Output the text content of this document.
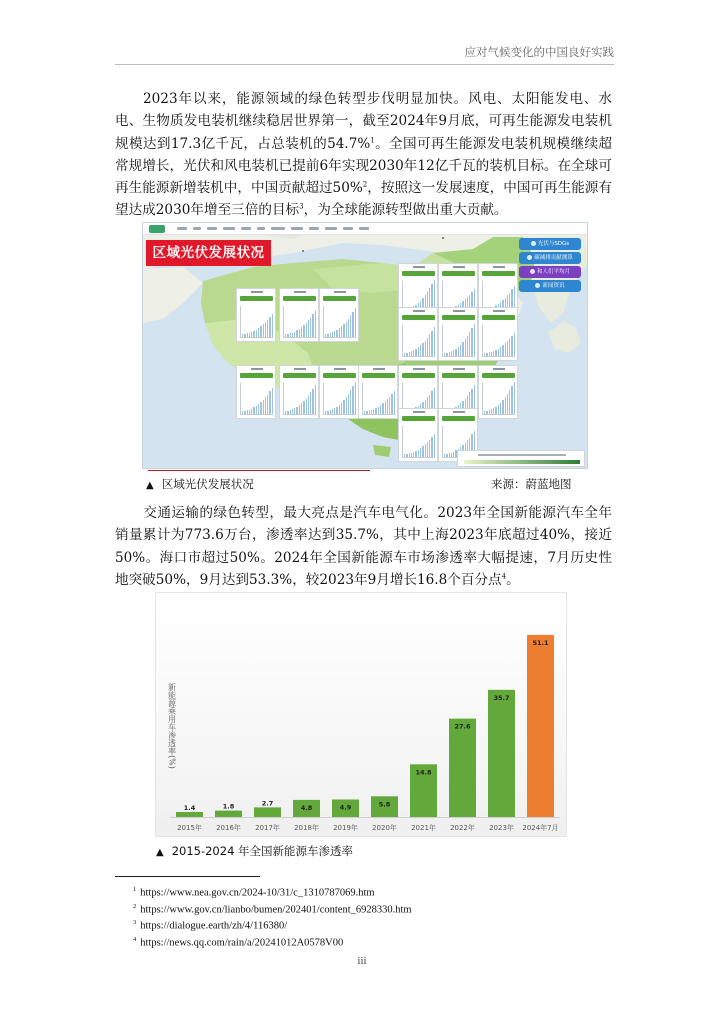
应对气候变化的中国良好实践
2023年以来，能源领域的绿色转型步伐明显加快。风电、太阳能发电、水电、生物质发电装机继续稳居世界第一，截至2024年9月底，可再生能源发电装机规模达到17.3亿千瓦，占总装机的54.7%$^1$。全国可再生能源发电装机规模继续超常规增长，光伏和风电装机已提前6年实现2030年12亿千瓦的装机目标。在全球可再生能源新增装机中，中国贡献超过50%$^2$，按照这一发展速度，中国可再生能源有望达成2030年增至三倍的目标$^3$，为全球能源转型做出重大贡献。
区域光伏发展状况
光伏与SDGs
碳减排贡献测算
和人们平均月
新闻资讯
▲ 区域光伏发展状况	来源：蔚蓝地图
交通运输的绿色转型，最大亮点是汽车电气化。2023年全国新能源汽车全年销量累计为773.6万台，渗透率达到35.7%，其中上海2023年底超过40%，接近50%。海口市超过50%。2024年全国新能源车市场渗透率大幅提速，7月历史性地突破50%，9月达到53.3%，较2023年9月增长16.8个百分点$^4$。
新能源乘用车渗透率(%)
1.4
2015年
1.8
2016年
2.7
2017年
4.8
2018年
4.9
2019年
5.8
2020年
14.8
2021年
27.6
2022年
35.7
2023年
51.1
2024年7月
▲ 2015-2024 年全国新能源车渗透率
$^1$ https://www.nea.gov.cn/2024-10/31/c_1310787069.htm
$^2$ https://www.gov.cn/lianbo/bumen/202401/content_6928330.htm
$^3$ https://dialogue.earth/zh/4/116380/
$^4$ https://news.qq.com/rain/a/20241012A0578V00
iii
